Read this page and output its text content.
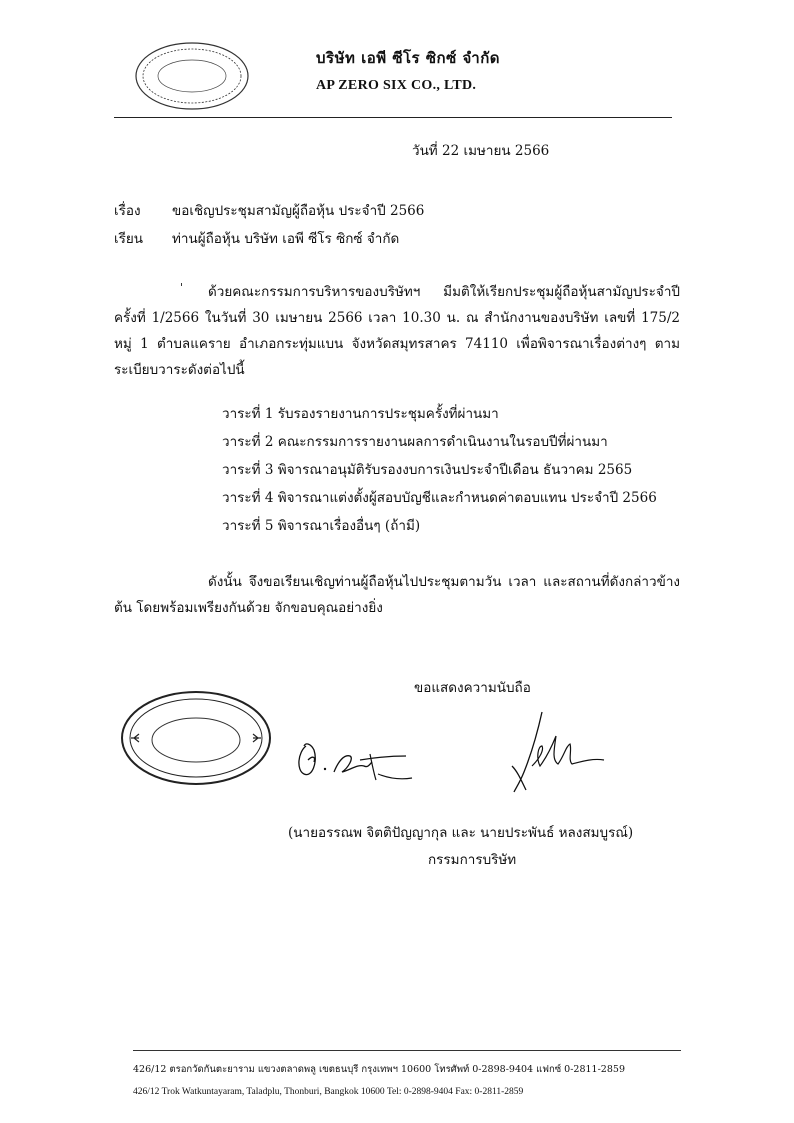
บริษัท เอพี ซีโร ซิกซ์ จำกัด
AP ZERO SIX CO., LTD.
วันที่ 22 เมษายน 2566
เรื่อง ขอเชิญประชุมสามัญผู้ถือหุ้น ประจำปี 2566
เรียน ท่านผู้ถือหุ้น บริษัท เอพี ซีโร ซิกซ์ จำกัด
'	ด้วยคณะกรรมการบริหารของบริษัทฯ มีมติให้เรียกประชุมผู้ถือหุ้นสามัญประจำปี ครั้งที่ 1/2566 ในวันที่ 30 เมษายน 2566 เวลา 10.30 น. ณ สำนักงานของบริษัท เลขที่ 175/2 หมู่ 1 ตำบลแคราย อำเภอกระทุ่มแบน จังหวัดสมุทรสาคร 74110 เพื่อพิจารณาเรื่องต่างๆ ตามระเบียบวาระดังต่อไปนี้

วาระที่ 1 รับรองรายงานการประชุมครั้งที่ผ่านมา
วาระที่ 2 คณะกรรมการรายงานผลการดำเนินงานในรอบปีที่ผ่านมา
วาระที่ 3 พิจารณาอนุมัติรับรองงบการเงินประจำปีเดือน ธันวาคม 2565
วาระที่ 4 พิจารณาแต่งตั้งผู้สอบบัญชีและกำหนดค่าตอบแทน ประจำปี 2566
วาระที่ 5 พิจารณาเรื่องอื่นๆ (ถ้ามี)

ดังนั้น จึงขอเรียนเชิญท่านผู้ถือหุ้นไปประชุมตามวัน เวลา และสถานที่ดังกล่าวข้างต้น โดยพร้อมเพรียงกันด้วย จักขอบคุณอย่างยิ่ง

ขอแสดงความนับถือ
(นายอรรณพ จิตติปัญญากุล และ นายประพันธ์ หลงสมบูรณ์)
กรรมการบริษัท
426/12 ตรอกวัดกันตะยาราม แขวงตลาดพลู เขตธนบุรี กรุงเทพฯ 10600 โทรศัพท์ 0-2898-9404 แฟกซ์ 0-2811-2859
426/12 Trok Watkuntayaram, Taladplu, Thonburi, Bangkok 10600 Tel: 0-2898-9404 Fax: 0-2811-2859
